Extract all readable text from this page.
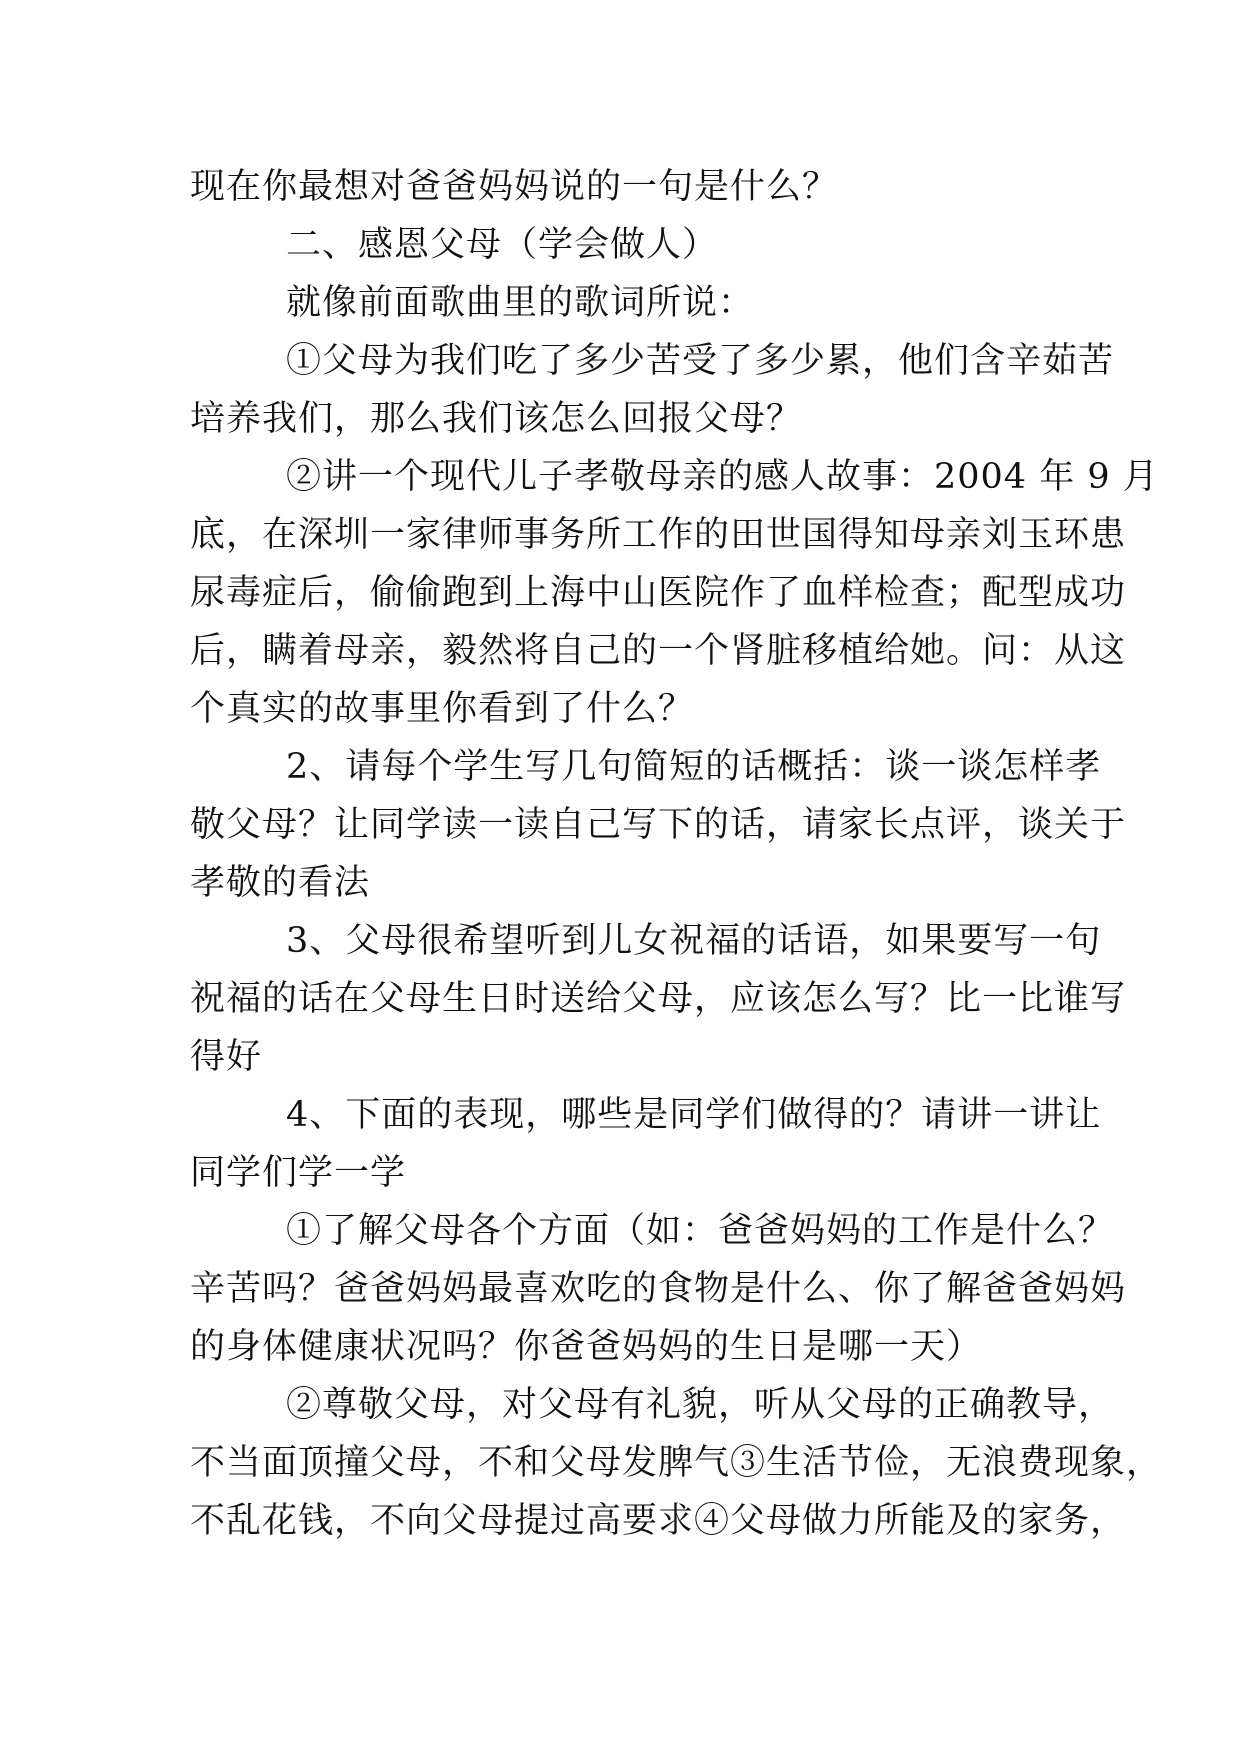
现在你最想对爸爸妈妈说的一句是什么？
二、感恩父母（学会做人）
就像前面歌曲里的歌词所说：
①父母为我们吃了多少苦受了多少累，他们含辛茹苦
培养我们，那么我们该怎么回报父母？
②讲一个现代儿子孝敬母亲的感人故事：2004 年 9 月
底，在深圳一家律师事务所工作的田世国得知母亲刘玉环患
尿毒症后，偷偷跑到上海中山医院作了血样检查；配型成功
后，瞒着母亲，毅然将自己的一个肾脏移植给她。问：从这
个真实的故事里你看到了什么？
2、请每个学生写几句简短的话概括：谈一谈怎样孝
敬父母？让同学读一读自己写下的话，请家长点评，谈关于
孝敬的看法
3、父母很希望听到儿女祝福的话语，如果要写一句
祝福的话在父母生日时送给父母，应该怎么写？比一比谁写
得好
4、下面的表现，哪些是同学们做得的？请讲一讲让
同学们学一学
①了解父母各个方面（如：爸爸妈妈的工作是什么？
辛苦吗？爸爸妈妈最喜欢吃的食物是什么、你了解爸爸妈妈
的身体健康状况吗？你爸爸妈妈的生日是哪一天）
②尊敬父母，对父母有礼貌，听从父母的正确教导，
不当面顶撞父母，不和父母发脾气③生活节俭，无浪费现象，
不乱花钱，不向父母提过高要求④父母做力所能及的家务，
